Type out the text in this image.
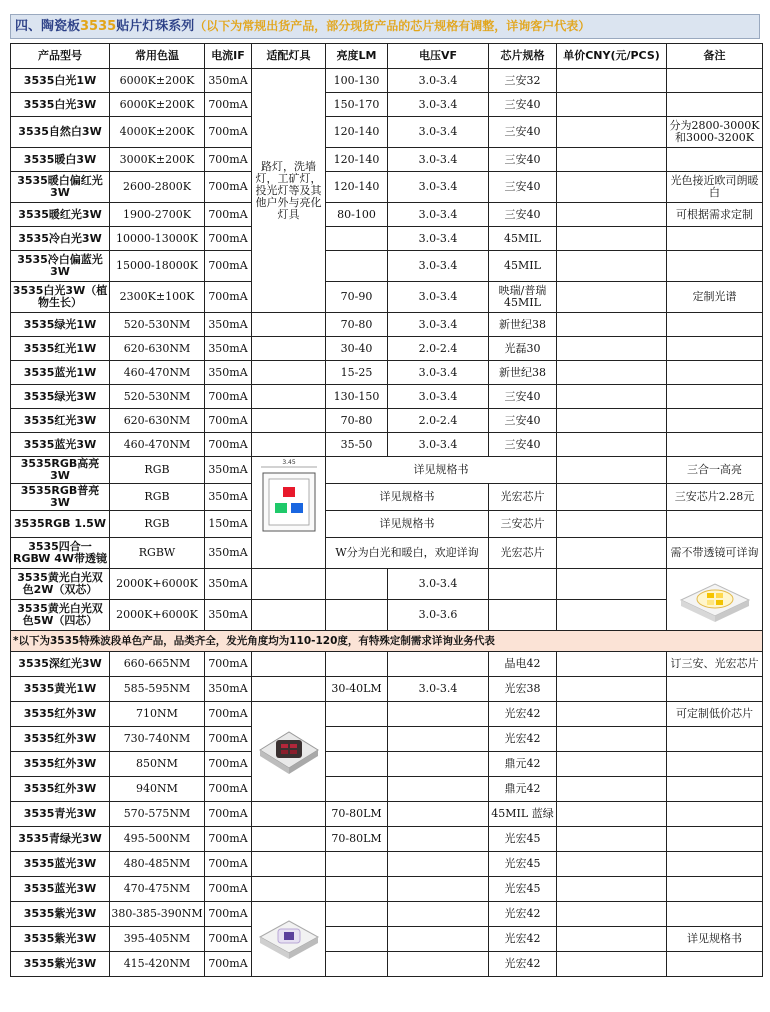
四、陶瓷板3535贴片灯珠系列（以下为常规出货产品，部分现货产品的芯片规格有调整，详询客户代表）
产品型号	常用色温	电流IF	适配灯具	亮度LM	电压VF	芯片规格	单价CNY(元/PCS)	备注
3535白光1W	6000K±200K	350mA	路灯，洗墙灯，工矿灯，投光灯等及其他户外与亮化灯具	100-130	3.0-3.4	三安32		
3535白光3W	6000K±200K	700mA		150-170	3.0-3.4	三安40		
3535自然白3W	4000K±200K	700mA		120-140	3.0-3.4	三安40		分为2800-3000K和3000-3200K
3535暖白3W	3000K±200K	700mA		120-140	3.0-3.4	三安40		
3535暖白偏红光3W	2600-2800K	700mA		120-140	3.0-3.4	三安40		光色接近欧司朗暖白
3535暖红光3W	1900-2700K	700mA		80-100	3.0-3.4	三安40		可根据需求定制
3535冷白光3W	10000-13000K	700mA			3.0-3.4	45MIL		
3535冷白偏蓝光3W	15000-18000K	700mA			3.0-3.4	45MIL		
3535白光3W（植物生长）	2300K±100K	700mA		70-90	3.0-3.4	映瑞/普瑞45MIL		定制光谱
3535绿光1W	520-530NM	350mA		70-80	3.0-3.4	新世纪38		
3535红光1W	620-630NM	350mA		30-40	2.0-2.4	光磊30		
3535蓝光1W	460-470NM	350mA		15-25	3.0-3.4	新世纪38		
3535绿光3W	520-530NM	700mA		130-150	3.0-3.4	三安40		
3535红光3W	620-630NM	700mA		70-80	2.0-2.4	三安40		
3535蓝光3W	460-470NM	700mA		35-50	3.0-3.4	三安40		
3535RGB高亮3W	RGB	350mA	3.45	详见规格书				三合一高亮
3535RGB普亮3W	RGB	350mA		详见规格书		光宏芯片		三安芯片2.28元
3535RGB 1.5W	RGB	150mA		详见规格书		三安芯片		
3535四合一RGBW 4W带透镜	RGBW	350mA		W分为白光和暖白，欢迎详询		光宏芯片		需不带透镜可详询
3535黄光白光双色2W（双芯）	2000K+6000K	350mA			3.0-3.4			
3535黄光白光双色5W（四芯）	2000K+6000K	350mA			3.0-3.6			
*以下为3535特殊波段单色产品，品类齐全，发光角度均为110-120度，有特殊定制需求详询业务代表								
3535深红光3W	660-665NM	700mA				晶电42		订三安、光宏芯片
3535黄光1W	585-595NM	350mA		30-40LM	3.0-3.4	光宏38		
3535红外3W	710NM	700mA				光宏42		可定制低价芯片
3535红外3W	730-740NM	700mA				光宏42		
3535红外3W	850NM	700mA				鼎元42		
3535红外3W	940NM	700mA				鼎元42		
3535青光3W	570-575NM	700mA		70-80LM		45MIL 蓝绿		
3535青绿光3W	495-500NM	700mA		70-80LM		光宏45		
3535蓝光3W	480-485NM	700mA				光宏45		
3535蓝光3W	470-475NM	700mA				光宏45		
3535紫光3W	380-385-390NM	700mA				光宏42		
3535紫光3W	395-405NM	700mA				光宏42		详见规格书
3535紫光3W	415-420NM	700mA				光宏42		
